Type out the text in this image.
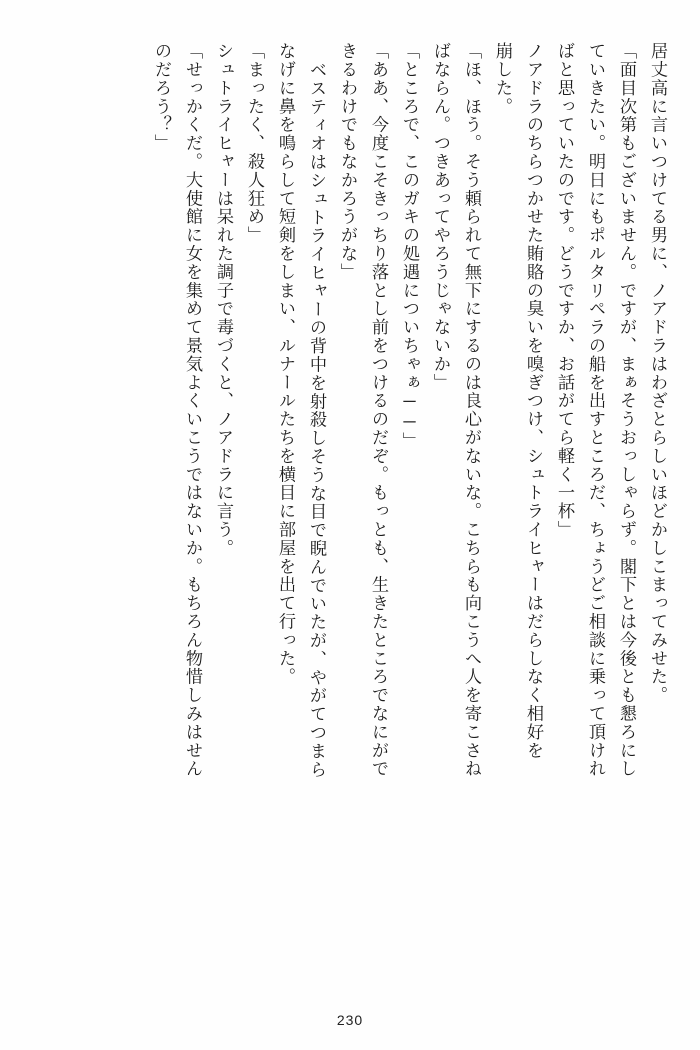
居丈高に言いつけてる男に、ノアドラはわざとらしいほどかしこまってみせた。
「面目次第もございません。ですが、まぁそうおっしゃらず。閣下とは今後とも懇ろにし
ていきたい。明日にもポルタリペラの船を出すところだ、ちょうどご相談に乗って頂けれ
ばと思っていたのです。どうですか、お話がてら軽く一杯」
ノアドラのちらつかせた賄賂の臭いを嗅ぎつけ、シュトライヒャーはだらしなく相好を
崩した。
「ほ、ほう。そう頼られて無下にするのは良心がないな。こちらも向こうへ人を寄こさね
ばならん。つきあってやろうじゃないか」
「ところで、このガキの処遇についちゃぁ──」
「ああ、今度こそきっちり落とし前をつけるのだぞ。もっとも、生きたところでなにがで
きるわけでもなかろうがな」
ベスティオはシュトライヒャーの背中を射殺しそうな目で睨んでいたが、やがてつまら
なげに鼻を鳴らして短剣をしまい、ルナールたちを横目に部屋を出て行った。
「まったく、殺人狂め」
シュトライヒャーは呆れた調子で毒づくと、ノアドラに言う。
「せっかくだ。大使館に女を集めて景気よくいこうではないか。もちろん物惜しみはせん
のだろう？」
230
